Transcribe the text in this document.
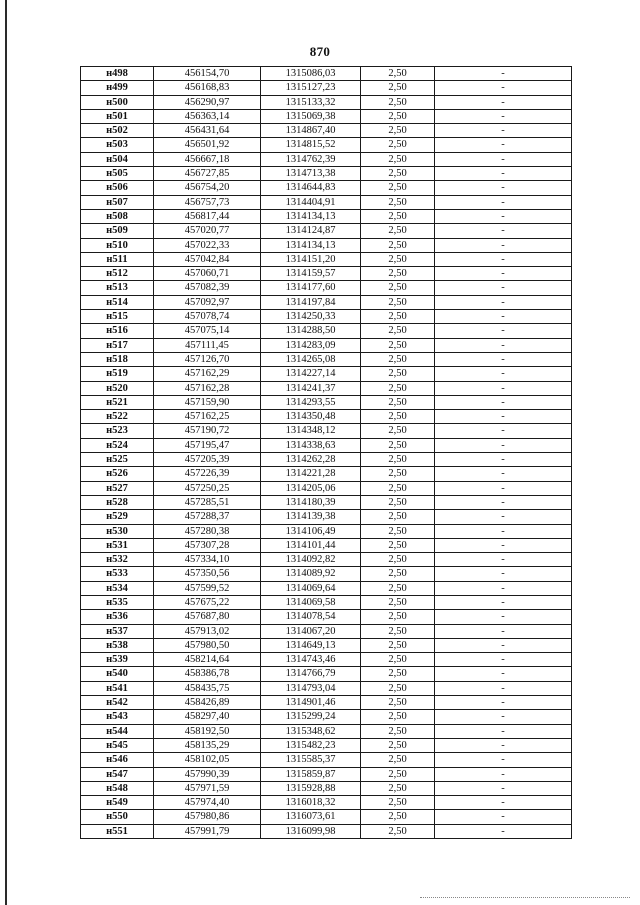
870
н498	456154,70	1315086,03	2,50	-
н499	456168,83	1315127,23	2,50	-
н500	456290,97	1315133,32	2,50	-
н501	456363,14	1315069,38	2,50	-
н502	456431,64	1314867,40	2,50	-
н503	456501,92	1314815,52	2,50	-
н504	456667,18	1314762,39	2,50	-
н505	456727,85	1314713,38	2,50	-
н506	456754,20	1314644,83	2,50	-
н507	456757,73	1314404,91	2,50	-
н508	456817,44	1314134,13	2,50	-
н509	457020,77	1314124,87	2,50	-
н510	457022,33	1314134,13	2,50	-
н511	457042,84	1314151,20	2,50	-
н512	457060,71	1314159,57	2,50	-
н513	457082,39	1314177,60	2,50	-
н514	457092,97	1314197,84	2,50	-
н515	457078,74	1314250,33	2,50	-
н516	457075,14	1314288,50	2,50	-
н517	457111,45	1314283,09	2,50	-
н518	457126,70	1314265,08	2,50	-
н519	457162,29	1314227,14	2,50	-
н520	457162,28	1314241,37	2,50	-
н521	457159,90	1314293,55	2,50	-
н522	457162,25	1314350,48	2,50	-
н523	457190,72	1314348,12	2,50	-
н524	457195,47	1314338,63	2,50	-
н525	457205,39	1314262,28	2,50	-
н526	457226,39	1314221,28	2,50	-
н527	457250,25	1314205,06	2,50	-
н528	457285,51	1314180,39	2,50	-
н529	457288,37	1314139,38	2,50	-
н530	457280,38	1314106,49	2,50	-
н531	457307,28	1314101,44	2,50	-
н532	457334,10	1314092,82	2,50	-
н533	457350,56	1314089,92	2,50	-
н534	457599,52	1314069,64	2,50	-
н535	457675,22	1314069,58	2,50	-
н536	457687,80	1314078,54	2,50	-
н537	457913,02	1314067,20	2,50	-
н538	457980,50	1314649,13	2,50	-
н539	458214,64	1314743,46	2,50	-
н540	458386,78	1314766,79	2,50	-
н541	458435,75	1314793,04	2,50	-
н542	458426,89	1314901,46	2,50	-
н543	458297,40	1315299,24	2,50	-
н544	458192,50	1315348,62	2,50	-
н545	458135,29	1315482,23	2,50	-
н546	458102,05	1315585,37	2,50	-
н547	457990,39	1315859,87	2,50	-
н548	457971,59	1315928,88	2,50	-
н549	457974,40	1316018,32	2,50	-
н550	457980,86	1316073,61	2,50	-
н551	457991,79	1316099,98	2,50	-
